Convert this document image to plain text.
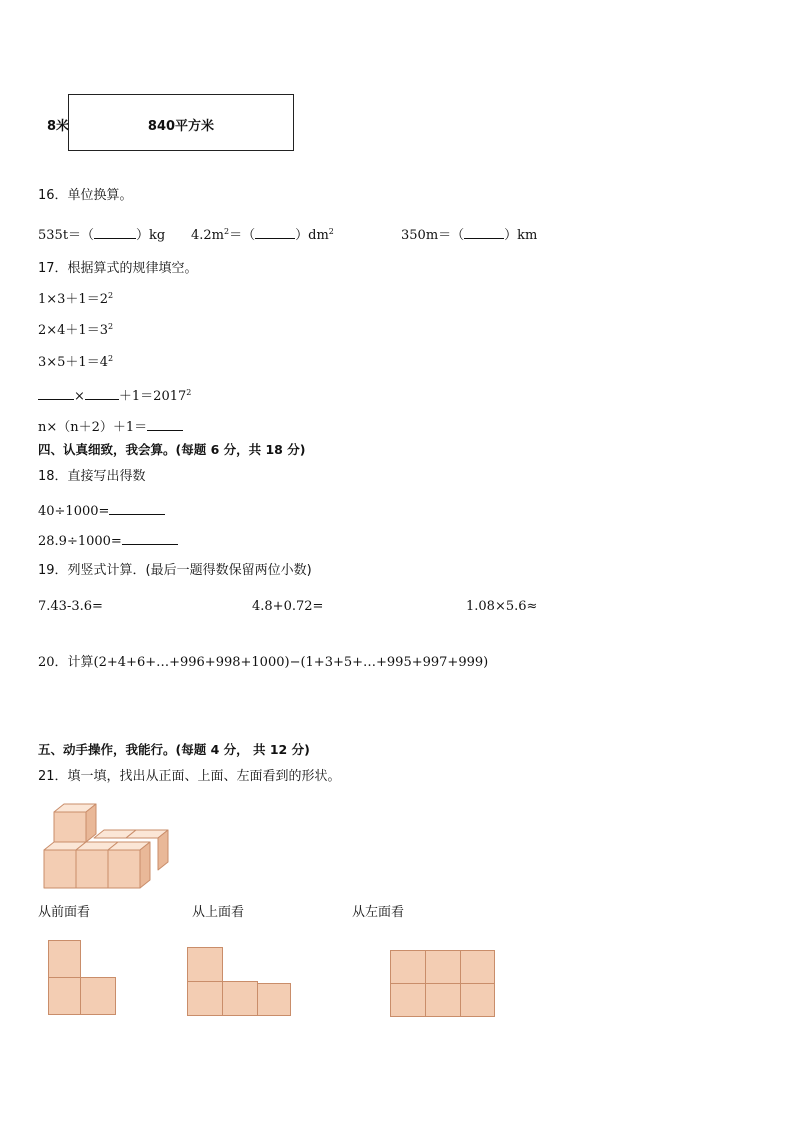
8米	840平方米
16．单位换算。
535t＝（	）kg $4.2m^2=$（	）$dm^2$	350m＝（	）km
17．根据算式的规律填空。
$1\times 3+1=2^2$
$2\times 4+1=3^2$
$3\times 5+1=4^2$
×	$+1=2017^2$
n×（n＋2）＋1＝
四、认真细致，我会算。(每题 6 分，共 18 分)
18．直接写出得数
40÷1000=
28.9÷1000=
19．列竖式计算．(最后一题得数保留两位小数)
7.43-3.6=	4.8+0.72=	1.08×5.6≈
20．计算(2+4+6+…+996+998+1000)−(1+3+5+…+995+997+999)
五、动手操作，我能行。(每题 4 分， 共 12 分)
21．填一填，找出从正面、上面、左面看到的形状。
从前面看	从上面看	从左面看
